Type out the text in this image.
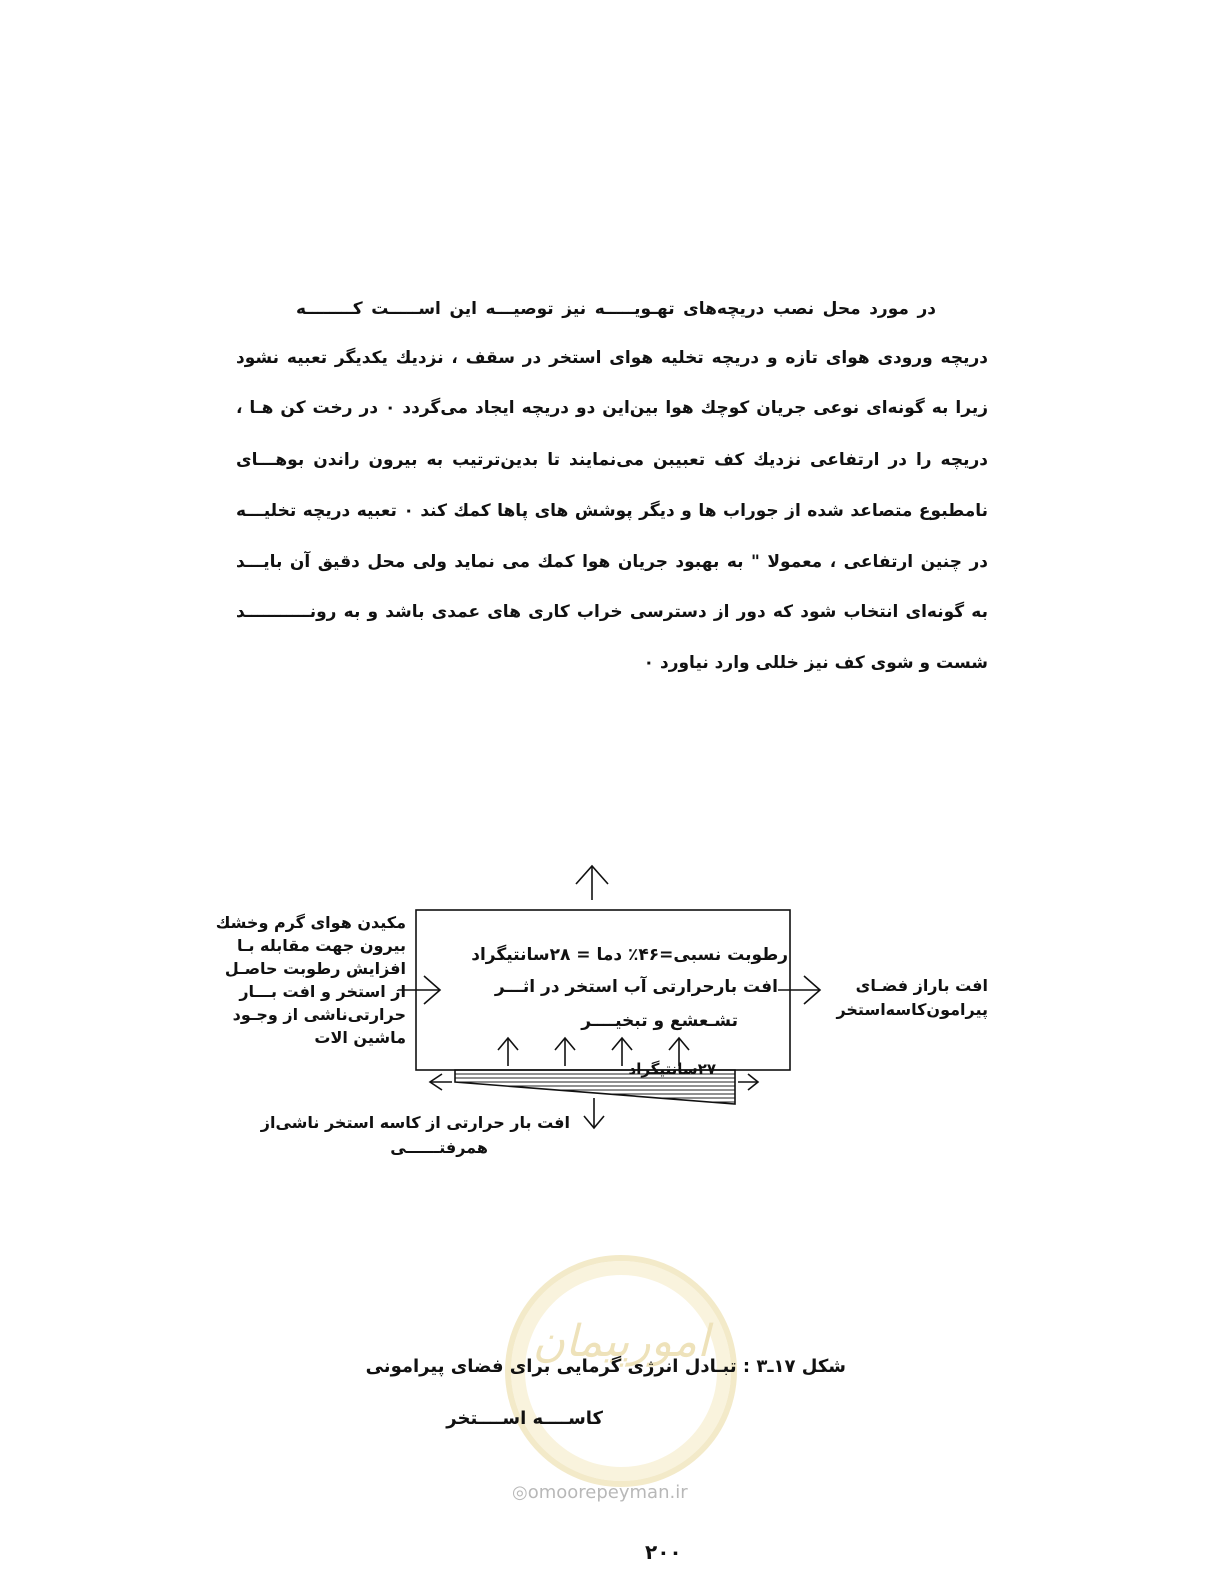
در مورد محل نصب دریچه‌های تهـویـــــه نیز توصیـــه این اســـــت کــــــــه
دریچه ورودی هوای تازه و دریچه تخلیه هوای استخر در سقف ، نزدیك یکدیگر تعبیه نشود
زیرا به گونه‌ای نوعی جریان کوچك هوا بین‌این دو دریچه ایجاد می‌گردد ٠ در رخت کن هـا ،
دریچه را در ارتفاعی نزدیك کف تعبیبن می‌نمایند تا بدین‌ترتیب به بیرون راندن بوهـــای
نامطبوع متصاعد شده از جوراب ها و دیگر پوشش های پاها کمك کند ٠ تعبیه دریچه تخلیـــه
در چنین ارتفاعی ، معمولا " به بهبود جریان هوا کمك می نماید ولی محل دقیق آن بایـــد
به گونه‌ای انتخاب شود که دور از دسترسی خراب کاری های عمدی باشد و به رونـــــــــــد
شست و شوی کف نیز خللی وارد نیاورد ٠
رطوبت نسبی=۴۶٪ دما = ۲۸سانتیگراد
افت بارحرارتی آب استخر در اثـــر
تشـعشع و تبخیــــر
۲۷سانتیگراد
مکیدن هوای گرم وخشك
بیرون جهت مقابله بـا
افزایش رطوبت حاصـل
از استخر و افت بـــار
حرارتی‌ناشی از وجـود
ماشین الات
افت باراز فضـای
پیرامون‌کاسه‌استخر
افت بار حرارتی از کاسه استخر ناشی‌از
همرفتــــــی
امورپیمان
شکل ۱۷ـ۳ : تبـادل انرژی گرمایی برای فضای پیرامونی
کاســــه اســــتخر
◎omoorepeyman.ir
٢٠٠
